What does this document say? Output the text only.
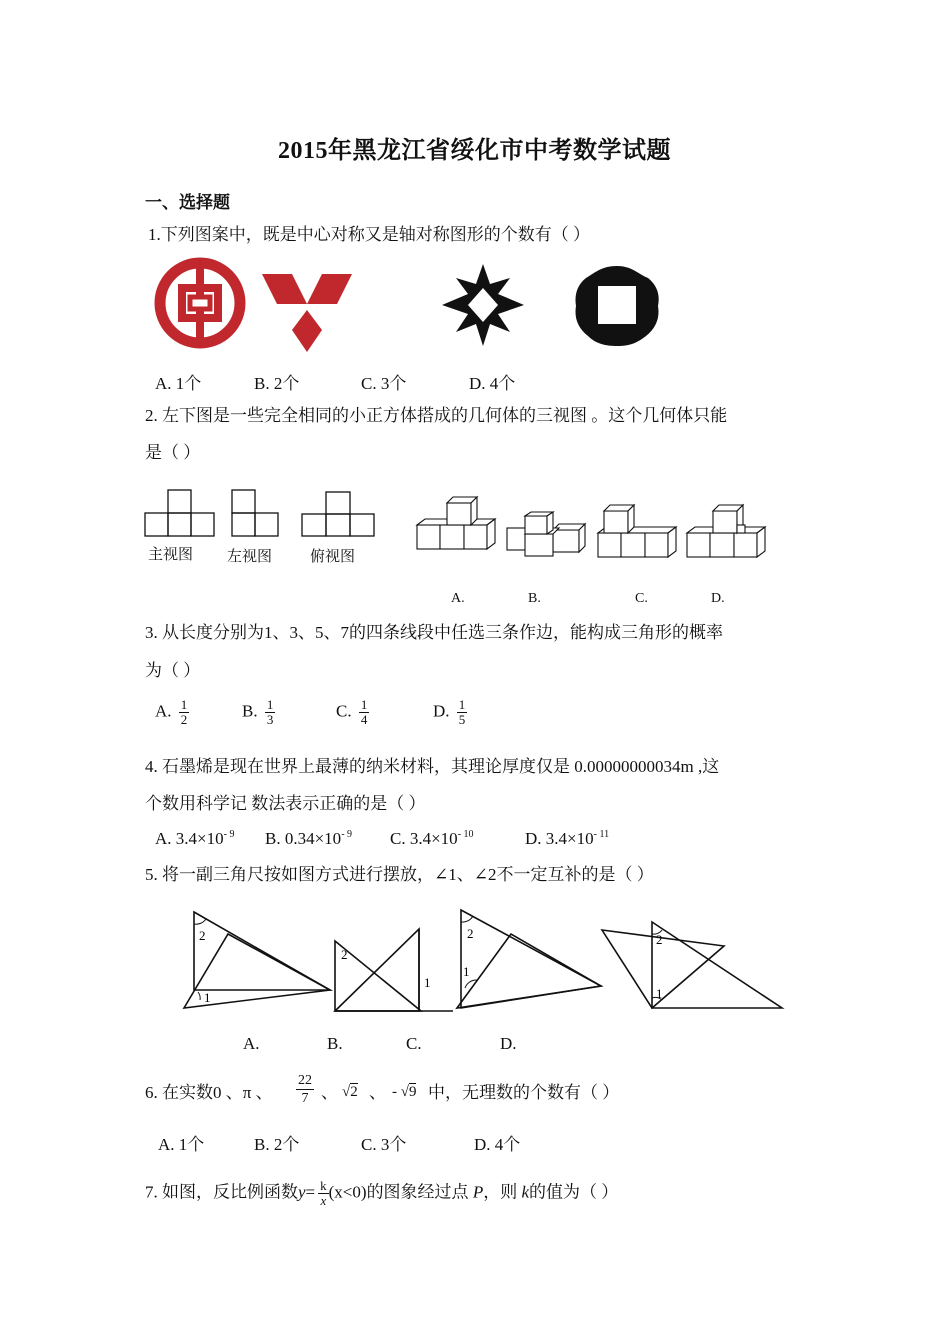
2015年黑龙江省绥化市中考数学试题
一、选择题
1.下列图案中，既是中心对称又是轴对称图形的个数有（ ）
A. 1个	B. 2个	C. 3个	D. 4个
2. 左下图是一些完全相同的小正方体搭成的几何体的三视图 。这个几何体只能
是（ ）
主视图 左视图	俯视图
A.	B.	C.	D.
3. 从长度分别为1、3、5、7的四条线段中任选三条作边，能构成三角形的概率
为（ ）
A. $\frac{1}{2}$	B. $\frac{1}{3}$	C. $\frac{1}{4}$	D. $\frac{1}{5}$
4. 石墨烯是现在世界上最薄的纳米材料，其理论厚度仅是 0.00000000034m ,这
个数用科学记 数法表示正确的是（ ）
A. $3.4\times 10^{- 9}$ B. $0.34\times 10^{- 9}$ C. $3.4\times 10^{- 10}$	D. $3.4\times 10^{- 11}$
5. 将一副三角尺按如图方式进行摆放，∠1、∠2不一定互补的是（ ）
2
1
2
1
2
1
2
1
A.	B.	C.	D.
6. 在实数0 、π 、 $\frac{22}{7}$ 、 √2 、 - √9 中，无理数的个数有（ ）
A. 1个	B. 2个	C. 3个	D. 4个
7. 如图，反比例函数$y= \frac{k}{x} (x<0)$的图象经过点 P，则 k的值为（ ）
